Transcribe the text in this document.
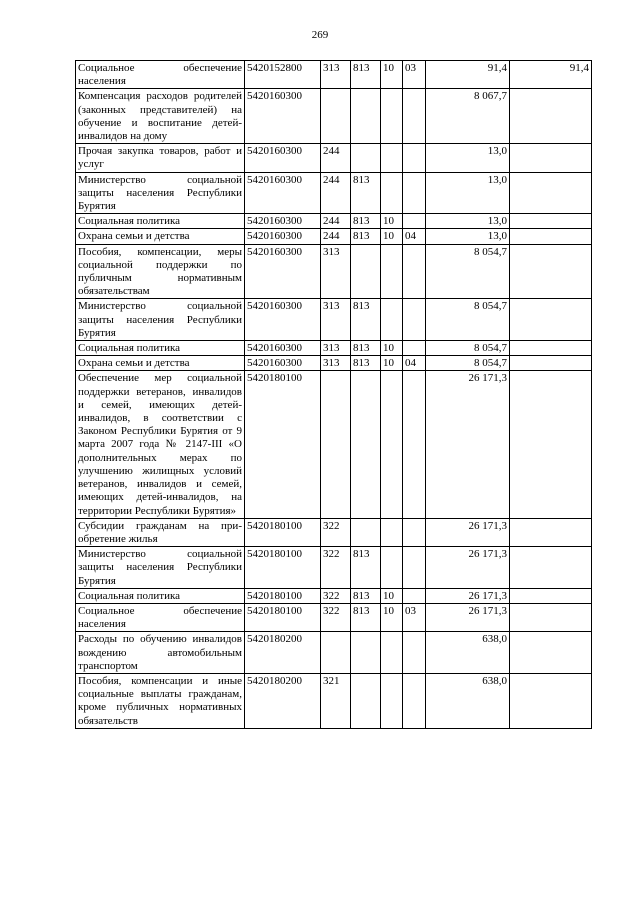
269
Социальное обеспечение населения	5420152800	313	813	10	03	91,4	91,4
Компенсация расходов родителей (законных представителей) на обучение и воспитание детей-инвалидов на дому	5420160300					8 067,7	
Прочая закупка товаров, работ и услуг	5420160300	244				13,0	
Министерство социальной защиты населения Республики Бурятия	5420160300	244	813			13,0	
Социальная политика	5420160300	244	813	10		13,0	
Охрана семьи и детства	5420160300	244	813	10	04	13,0	
Пособия, компенсации, меры социальной поддержки по публичным нормативным обязательствам	5420160300	313				8 054,7	
Министерство социальной защиты населения Республики Бурятия	5420160300	313	813			8 054,7	
Социальная политика	5420160300	313	813	10		8 054,7	
Охрана семьи и детства	5420160300	313	813	10	04	8 054,7	
Обеспечение мер социальной поддержки ветеранов, инвалидов и семей, имеющих детей-инвалидов, в соответствии с Законом Республики Бурятия от 9 марта 2007 года № 2147-III «О дополнительных мерах по улучшению жилищных условий ветеранов, инвалидов и семей, имеющих детей-инвалидов, на территории Республики Бурятия»	5420180100					26 171,3	
Субсидии гражданам на приобретение жилья	5420180100	322				26 171,3	
Министерство социальной защиты населения Республики Бурятия	5420180100	322	813			26 171,3	
Социальная политика	5420180100	322	813	10		26 171,3	
Социальное обеспечение населения	5420180100	322	813	10	03	26 171,3	
Расходы по обучению инвалидов вождению автомобильным транспортом	5420180200					638,0	
Пособия, компенсации и иные социальные выплаты гражданам, кроме публичных нормативных обязательств	5420180200	321				638,0	
